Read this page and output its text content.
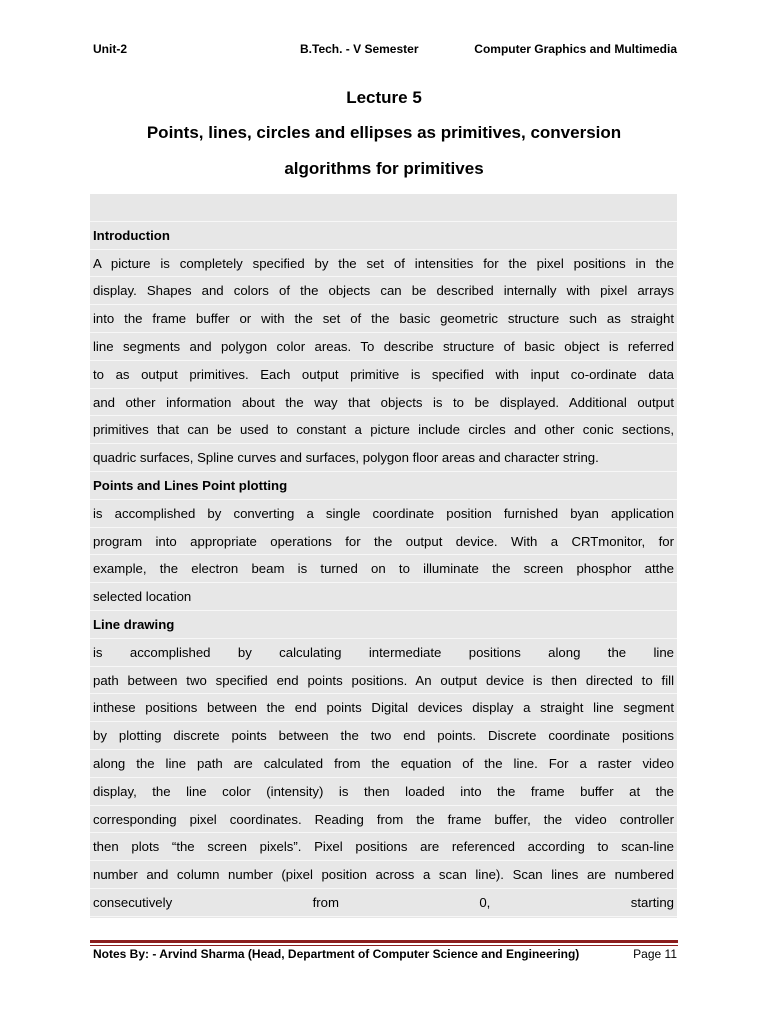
Unit-2	B.Tech. - V Semester	Computer Graphics and Multimedia
Lecture 5
Points, lines, circles and ellipses as primitives, conversion
algorithms for primitives
Introduction
A picture is completely specified by the set of intensities for the pixel positions in the
display. Shapes and colors of the objects can be described internally with pixel arrays
into the frame buffer or with the set of the basic geometric structure such as straight
line segments and polygon color areas. To describe structure of basic object is referred
to as output primitives. Each output primitive is specified with input co-ordinate data
and other information about the way that objects is to be displayed. Additional output
primitives that can be used to constant a picture include circles and other conic sections,
quadric surfaces, Spline curves and surfaces, polygon floor areas and character string.
Points and Lines Point plotting
is accomplished by converting a single coordinate position furnished byan application
program into appropriate operations for the output device. With a CRTmonitor, for
example, the electron beam is turned on to illuminate the screen phosphor atthe
selected location
Line drawing
is accomplished by calculating intermediate positions along the line
path between two specified end points positions. An output device is then directed to fill
inthese positions between the end points Digital devices display a straight line segment
by plotting discrete points between the two end points. Discrete coordinate positions
along the line path are calculated from the equation of the line. For a raster video
display, the line color (intensity) is then loaded into the frame buffer at the
corresponding pixel coordinates. Reading from the frame buffer, the video controller
then plots “the screen pixels”. Pixel positions are referenced according to scan-line
number and column number (pixel position across a scan line). Scan lines are numbered
consecutively from 0, starting
Notes By: - Arvind Sharma (Head, Department of Computer Science and Engineering)	Page 11
